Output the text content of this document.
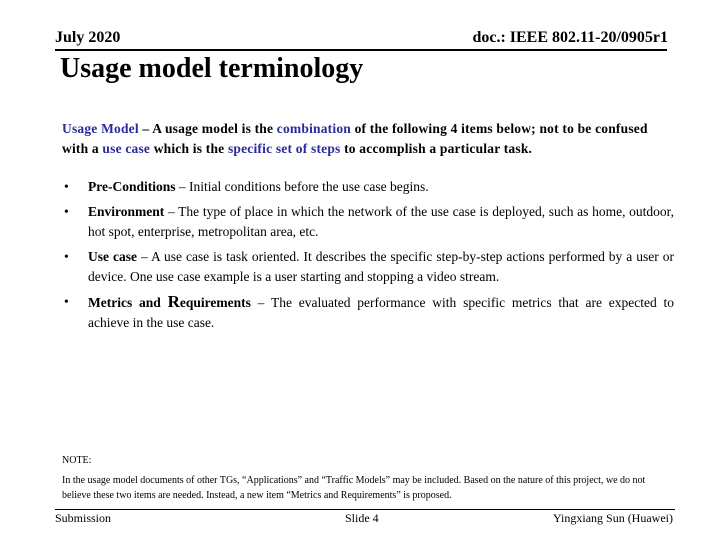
July 2020	doc.: IEEE 802.11-20/0905r1
Usage model terminology
Usage Model – A usage model is the combination of the following 4 items below; not to be confused with a use case which is the specific set of steps to accomplish a particular task.
• Pre-Conditions – Initial conditions before the use case begins.
• Environment – The type of place in which the network of the use case is deployed, such as home, outdoor, hot spot, enterprise, metropolitan area, etc.
• Use case – A use case is task oriented. It describes the specific step-by-step actions performed by a user or device. One use case example is a user starting and stopping a video stream.
• Metrics and Requirements – The evaluated performance with specific metrics that are expected to achieve in the use case.
NOTE:
In the usage model documents of other TGs, “Applications” and “Traffic Models” may be included. Based on the nature of this project, we do not believe these two items are needed. Instead, a new item “Metrics and Requirements” is proposed.
Submission	Slide 4	Yingxiang Sun (Huawei)
